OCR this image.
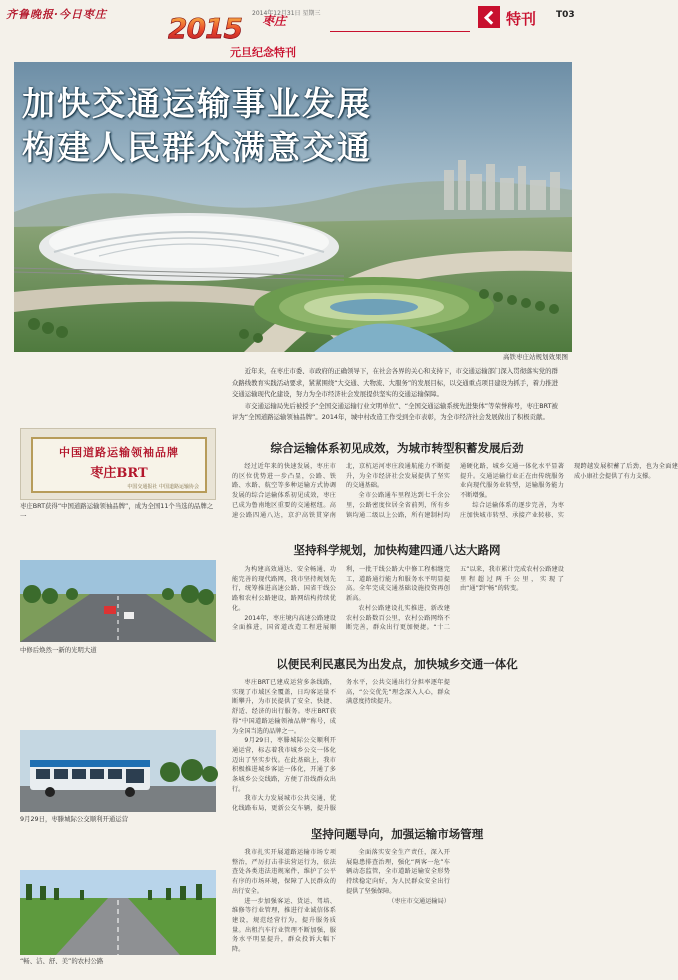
齐鲁晚报·今日枣庄	2014年12月31日 星期三
2015 枣庄
元旦纪念特刊
特刊 T03
加快交通运输事业发展
构建人民群众满意交通
高铁枣庄站规划效果图

近年来，在枣庄市委、市政府的正确领导下，在社会各界的关心和支持下，市交通运输部门深入贯彻落实党的群众路线教育实践活动要求，紧紧围绕“大交通、大物流、大服务”的发展目标，以交通重点项目建设为抓手，着力推进交通运输现代化建设，努力为全市经济社会发展提供坚实的交通运输保障。

市交通运输局先后被授予“全国交通运输行业文明单位”、“全国交通运输系统先进集体”等荣誉称号，枣庄BRT被评为“全国道路运输领袖品牌”。2014年，城中村改造工作受到全市表彰，为全市经济社会发展做出了积极贡献。

中国道路运输领袖品牌
枣庄BRT
中国交通报社 中国道路运输协会
枣庄BRT获得“中国道路运输领袖品牌”，成为全国11个当选的品牌之一
中修后焕然一新的光明大道
9月29日，枣滕城际公交顺利开通运营
“畅、洁、舒、美”的农村公路
综合运输体系初见成效，为城市转型积蓄发展后劲

经过近年来的快速发展，枣庄市的区位优势进一步凸显，公路、铁路、水路、航空等多种运输方式协调发展的综合运输体系初见成效，枣庄已成为鲁南地区重要的交通枢纽。高速公路四通八达，京沪高铁贯穿南北，京杭运河枣庄段通航能力不断提升，为全市经济社会发展提供了坚实的交通基础。

全市公路通车里程达到七千余公里，公路密度位居全省前列，所有乡镇均通二级以上公路，所有建制村均通硬化路，城乡交通一体化水平显著提升。交通运输行业正在由传统服务业向现代服务业转型，运输服务能力不断增强。

综合运输体系的逐步完善，为枣庄加快城市转型、承接产业转移、实现跨越发展积蓄了后劲，也为全面建成小康社会提供了有力支撑。

坚持科学规划，加快构建四通八达大路网

为构建高效通达、安全畅通、功能完善的现代路网，我市坚持规划先行，统筹推进高速公路、国省干线公路和农村公路建设，路网结构持续优化。

2014年，枣庄境内高速公路建设全面推进，国省道改造工程进展顺利，一批干线公路大中修工程相继完工，道路通行能力和服务水平明显提高。全年完成交通基础设施投资再创新高。

农村公路建设扎实推进，新改建农村公路数百公里，农村公路网络不断完善，群众出行更加便捷。“十二五”以来，我市累计完成农村公路建设里程超过两千公里，实现了由“通”到“畅”的转变。

以便民利民惠民为出发点，加快城乡交通一体化

枣庄BRT已建成运营多条线路，实现了市域区全覆盖，日均客运量不断攀升，为市民提供了安全、快捷、舒适、经济的出行服务。枣庄BRT获得“中国道路运输领袖品牌”称号，成为全国当选的品牌之一。

9月29日，枣滕城际公交顺利开通运营，标志着我市城乡公交一体化迈出了坚实步伐。在此基础上，我市积极推进城乡客运一体化，开通了多条城乡公交线路，方便了沿线群众出行。

我市大力发展城市公共交通，优化线路布局，更新公交车辆，提升服务水平，公共交通出行分担率逐年提高，“公交优先”理念深入人心，群众满意度持续提升。

坚持问题导向，加强运输市场管理

我市扎实开展道路运输市场专项整治，严厉打击非法营运行为，依法查处各类违法违规案件，维护了公平有序的市场环境，保障了人民群众的出行安全。

进一步加强客运、货运、驾培、维修等行业管理，推进行业诚信体系建设，规范经营行为，提升服务质量。出租汽车行业管理不断加强，服务水平明显提升，群众投诉大幅下降。

全面落实安全生产责任，深入开展隐患排查治理，强化“两客一危”车辆动态监管，全市道路运输安全形势持续稳定向好，为人民群众安全出行提供了坚强保障。

（枣庄市交通运输局）
